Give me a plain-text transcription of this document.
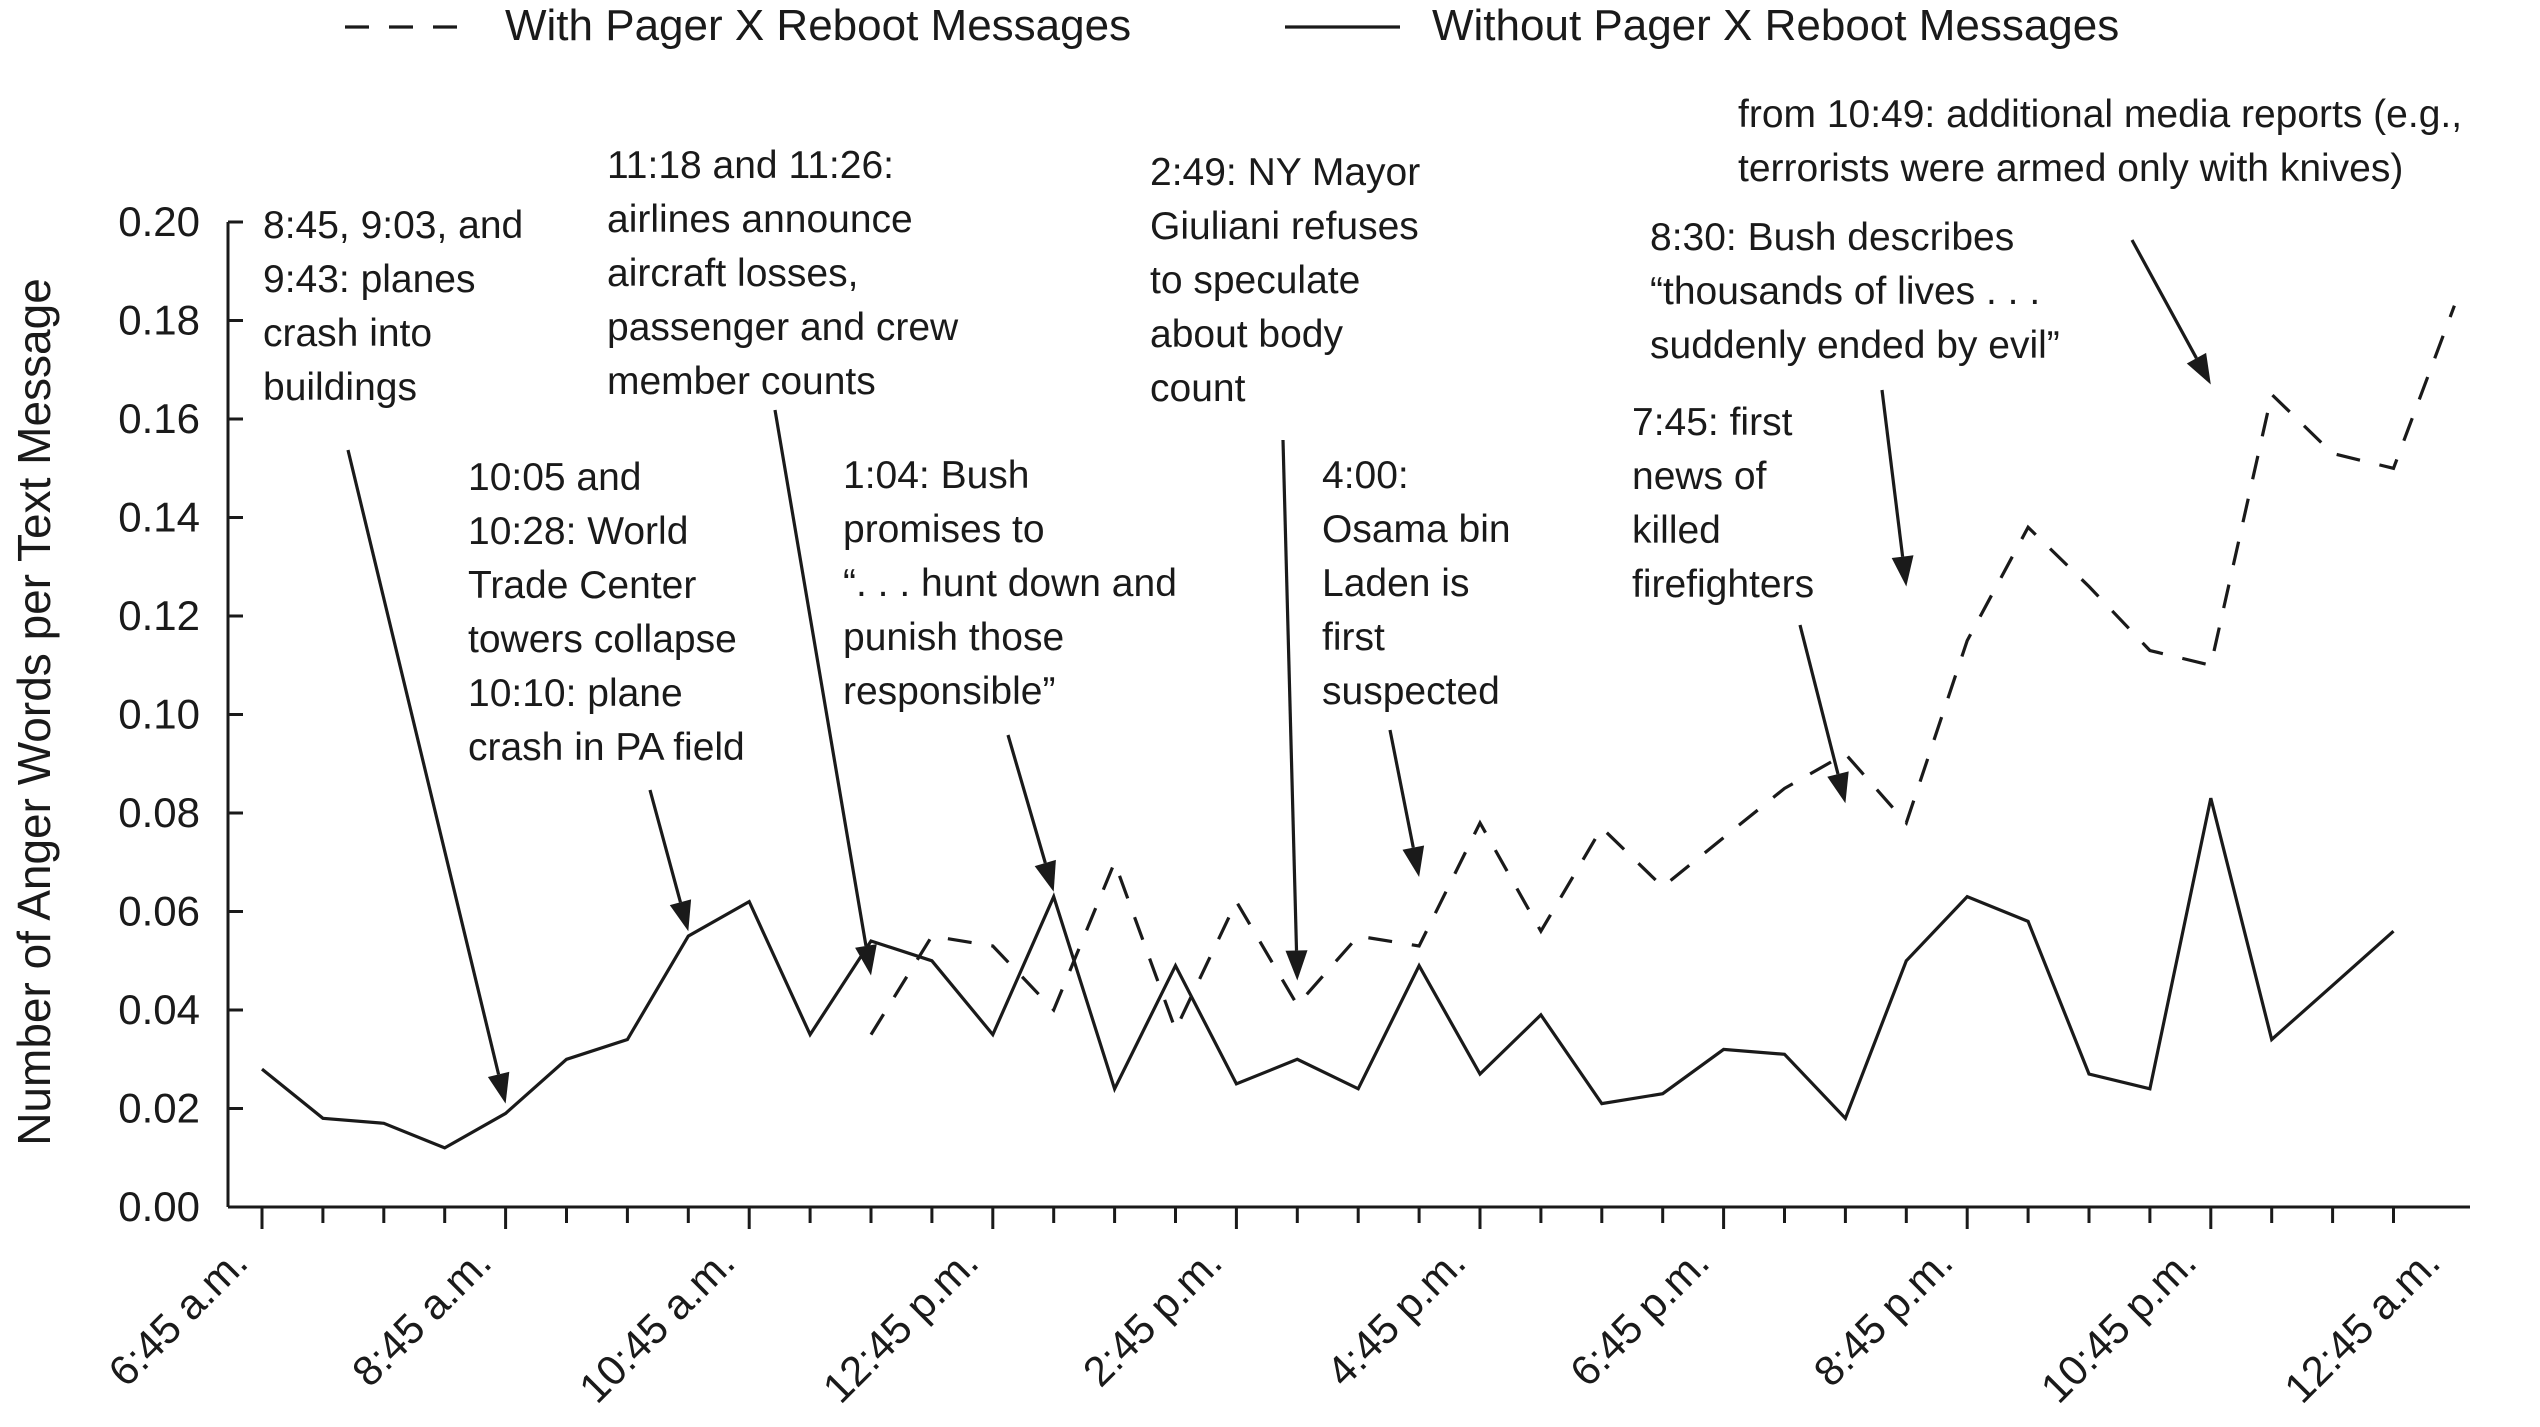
With Pager X Reboot Messages	Without Pager X Reboot Messages
Number of Anger Words per Text Message
0.00
0.02
0.04
0.06
0.08
0.10
0.12
0.14
0.16
0.18
0.20
6:45 a.m. 8:45 a.m. 10:45 a.m. 12:45 p.m. 2:45 p.m. 4:45 p.m. 6:45 p.m. 8:45 p.m. 10:45 p.m. 12:45 a.m.
8:45, 9:03, and
9:43: planes
crash into
buildings
10:05 and
10:28: World
Trade Center
towers collapse
10:10: plane
crash in PA field
11:18 and 11:26:
airlines announce
aircraft losses,
passenger and crew
member counts
1:04: Bush
promises to
“. . . hunt down and
punish those
responsible”
2:49: NY Mayor
Giuliani refuses
to speculate
about body
count
4:00:
Osama bin
Laden is
first
suspected
7:45: first
news of
killed
firefighters
8:30: Bush describes
“thousands of lives . . .
suddenly ended by evil”
from 10:49: additional media reports (e.g.,
terrorists were armed only with knives)
